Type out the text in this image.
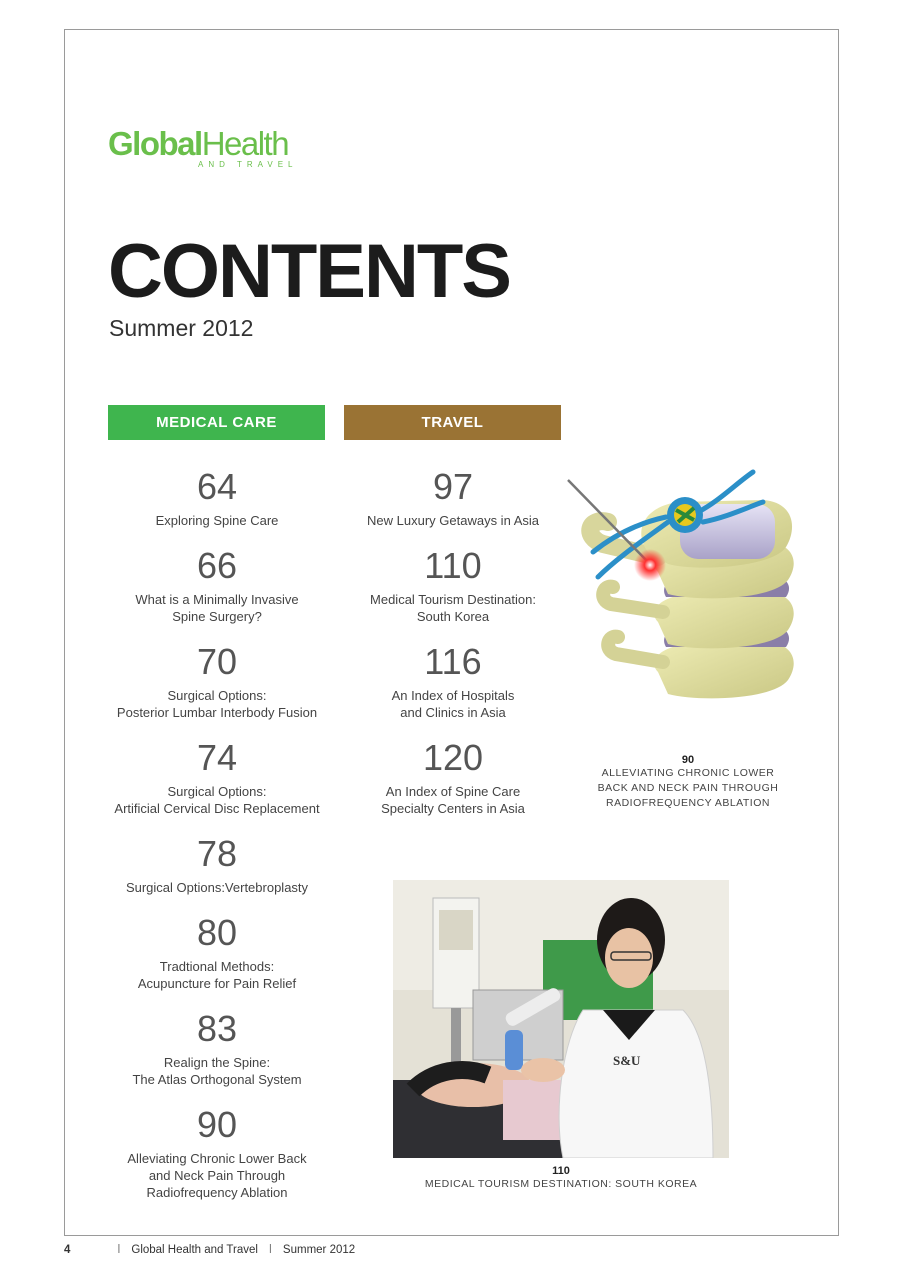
GlobalHealth
AND TRAVEL
CONTENTS
Summer 2012
MEDICAL CARE	TRAVEL
64
Exploring Spine Care
66
What is a Minimally Invasive
Spine Surgery?
70
Surgical Options:
Posterior Lumbar Interbody Fusion
74
Surgical Options:
Artificial Cervical Disc Replacement
78
Surgical Options:Vertebroplasty
80
Tradtional Methods:
Acupuncture for Pain Relief
83
Realign the Spine:
The Atlas Orthogonal System
90
Alleviating Chronic Lower Back
and Neck Pain Through
Radiofrequency Ablation
97
New Luxury Getaways in Asia
110
Medical Tourism Destination:
South Korea
116
An Index of Hospitals
and Clinics in Asia
120
An Index of Spine Care
Specialty Centers in Asia
90
ALLEVIATING CHRONIC LOWER
BACK AND NECK PAIN THROUGH
RADIOFREQUENCY ABLATION
S&U
110
MEDICAL TOURISM DESTINATION: SOUTH KOREA
4	l Global Health and Travel l Summer 2012
